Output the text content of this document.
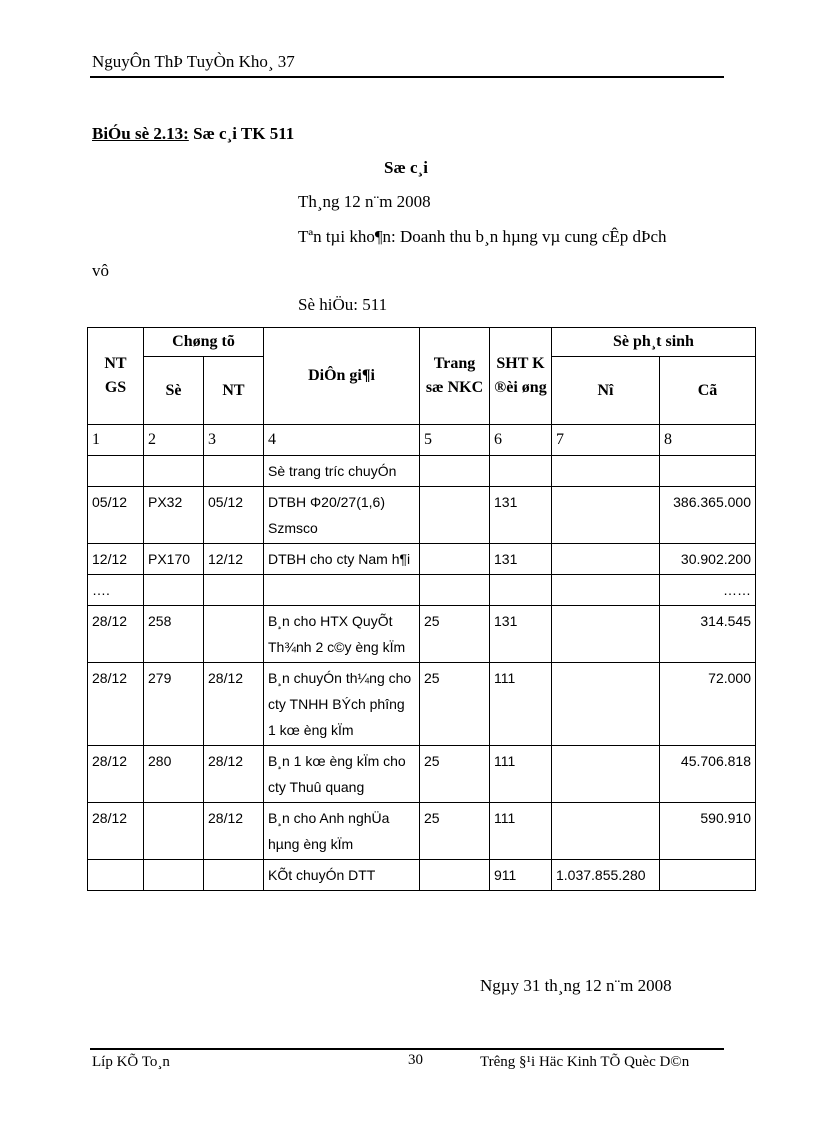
NguyÔn ThÞ TuyÒn Kho¸ 37
BiÓu sè 2.13: Sæ c¸i TK 511
Sæ c¸i
Th¸ng 12 n¨m 2008
Tªn tµi kho¶n: Doanh thu b¸n hµng vµ cung cÊp dÞch
vô
Sè hiÖu: 511
NT GS	Chøng tõ		DiÔn gi¶i	Trang sæ NKC	SHT K ®èi øng	Sè ph¸t sinh	
	Sè	NT				Nî	Cã
1	2	3	4	5	6	7	8
			Sè trang tríc chuyÓn				
05/12	PX32	05/12	DTBH Φ20/27(1,6) Szmsco		131		386.365.000
12/12	PX170	12/12	DTBH cho cty Nam h¶i		131		30.902.200
….							……
28/12	258		B¸n cho HTX QuyÕt Th¾nh 2 c©y èng kÏm	25	131		314.545
28/12	279	28/12	B¸n chuyÓn th¼ng cho cty TNHH BÝch phîng 1 kœ èng kÏm	25	111		72.000
28/12	280	28/12	B¸n 1 kœ èng kÏm cho cty Thuû quang	25	111		45.706.818
28/12		28/12	B¸n cho Anh nghÜa hµng èng kÏm	25	111		590.910
			KÕt chuyÓn DTT		911	1.037.855.280	
Ngµy 31 th¸ng 12 n¨m 2008
Líp KÕ To¸n	30	Trêng §¹i Häc Kinh TÕ Quèc D©n
